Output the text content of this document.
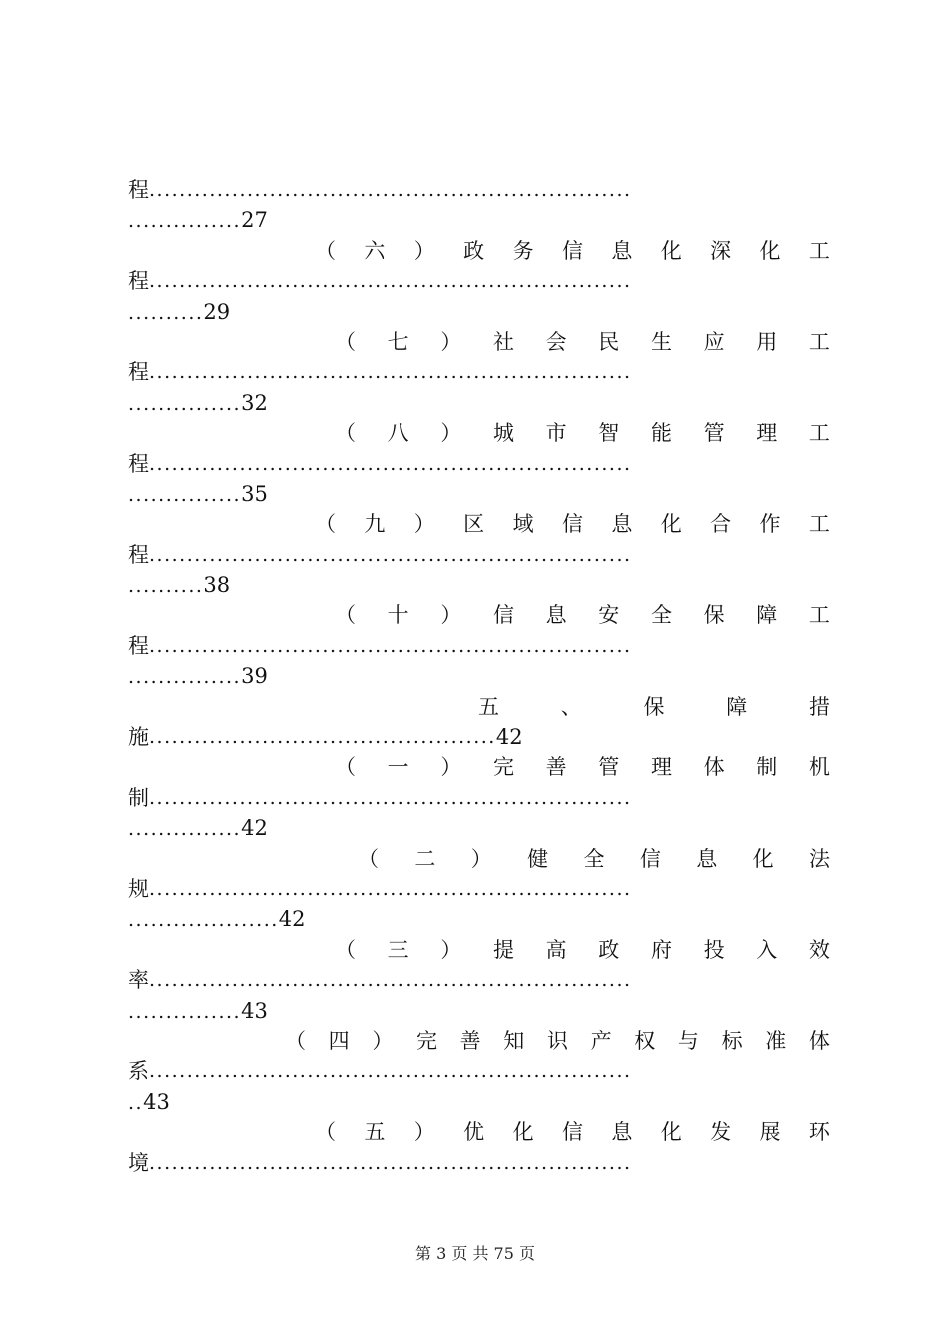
程 ................................................................
...............27
（ 六 ） 政 务 信 息 化 深 化 工
程 ................................................................
..........29
（ 七 ） 社 会 民 生 应 用 工
程 ................................................................
...............32
（ 八 ） 城 市 智 能 管 理 工
程 ................................................................
...............35
（ 九 ） 区 域 信 息 化 合 作 工
程 ................................................................
..........38
（ 十 ） 信 息 安 全 保 障 工
程 ................................................................
...............39
五	、	保	障	措
施 .............................................. 42
（ 一 ） 完 善 管 理 体 制 机
制 ................................................................
...............42
（ 二 ） 健 全 信 息 化 法
规 ................................................................
....................42
（ 三 ） 提 高 政 府 投 入 效
率 ................................................................
...............43
（ 四 ） 完 善 知 识 产 权 与 标 准 体
系 ................................................................
..43
（ 五 ） 优 化 信 息 化 发 展 环
境 ................................................................
第 3 页 共 75 页
